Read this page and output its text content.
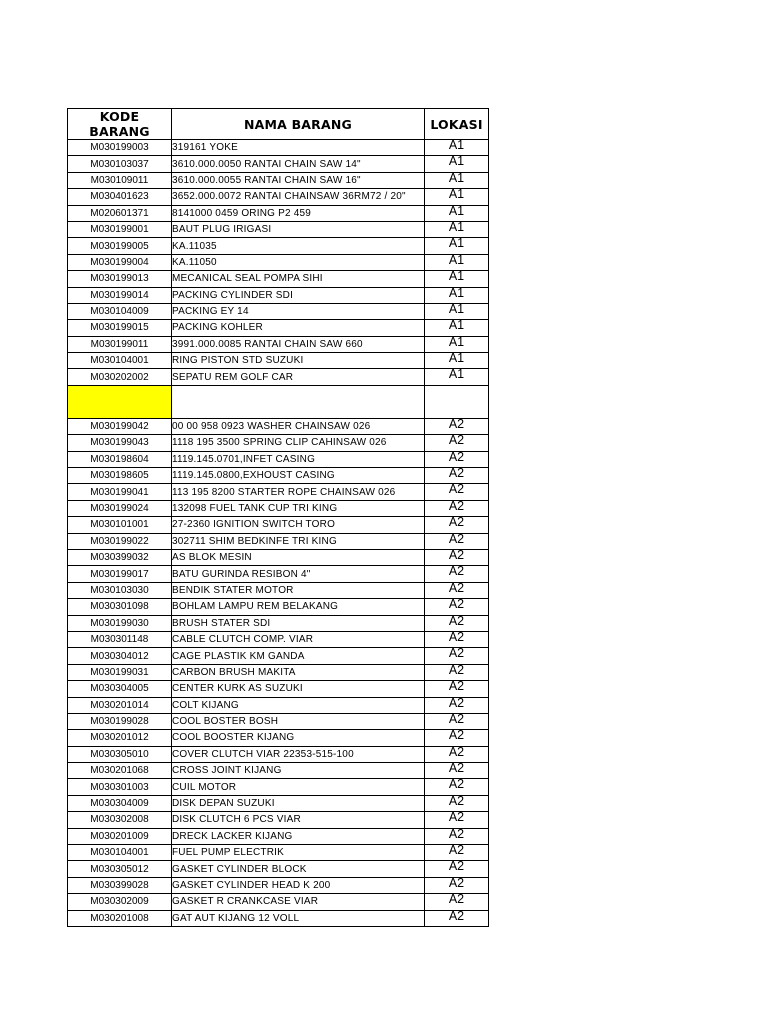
KODE BARANG	NAMA BARANG	LOKASI
M030199003	319161 YOKE	A1
M030103037	3610.000.0050 RANTAI CHAIN SAW 14"	A1
M030109011	3610.000.0055 RANTAI CHAIN SAW 16"	A1
M030401623	3652.000.0072 RANTAI CHAINSAW 36RM72 / 20"	A1
M020601371	8141000 0459 ORING P2 459	A1
M030199001	BAUT PLUG IRIGASI	A1
M030199005	KA.11035	A1
M030199004	KA.11050	A1
M030199013	MECANICAL SEAL POMPA SIHI	A1
M030199014	PACKING CYLINDER SDI	A1
M030104009	PACKING EY 14	A1
M030199015	PACKING KOHLER	A1
M030199011	3991.000.0085 RANTAI CHAIN SAW 660	A1
M030104001	RING PISTON STD SUZUKI	A1
M030202002	SEPATU REM GOLF CAR	A1

M030199042	00 00 958 0923 WASHER CHAINSAW 026	A2
M030199043	1118 195 3500 SPRING CLIP CAHINSAW 026	A2
M030198604	1119.145.0701,INFET CASING	A2
M030198605	1119.145.0800,EXHOUST CASING	A2
M030199041	113 195 8200 STARTER ROPE CHAINSAW 026	A2
M030199024	132098 FUEL TANK CUP TRI KING	A2
M030101001	27-2360 IGNITION SWITCH TORO	A2
M030199022	302711 SHIM BEDKINFE TRI KING	A2
M030399032	AS BLOK MESIN	A2
M030199017	BATU GURINDA RESIBON 4"	A2
M030103030	BENDIK STATER MOTOR	A2
M030301098	BOHLAM LAMPU REM BELAKANG	A2
M030199030	BRUSH STATER SDI	A2
M030301148	CABLE CLUTCH COMP. VIAR	A2
M030304012	CAGE PLASTIK KM GANDA	A2
M030199031	CARBON BRUSH MAKITA	A2
M030304005	CENTER KURK AS SUZUKI	A2
M030201014	COLT KIJANG	A2
M030199028	COOL BOSTER BOSH	A2
M030201012	COOL BOOSTER KIJANG	A2
M030305010	COVER CLUTCH VIAR 22353-515-100	A2
M030201068	CROSS JOINT KIJANG	A2
M030301003	CUIL MOTOR	A2
M030304009	DISK DEPAN SUZUKI	A2
M030302008	DISK CLUTCH 6 PCS VIAR	A2
M030201009	DRECK LACKER KIJANG	A2
M030104001	FUEL PUMP ELECTRIK	A2
M030305012	GASKET CYLINDER BLOCK	A2
M030399028	GASKET CYLINDER HEAD K 200	A2
M030302009	GASKET R CRANKCASE VIAR	A2
M030201008	GAT AUT KIJANG 12 VOLL	A2
